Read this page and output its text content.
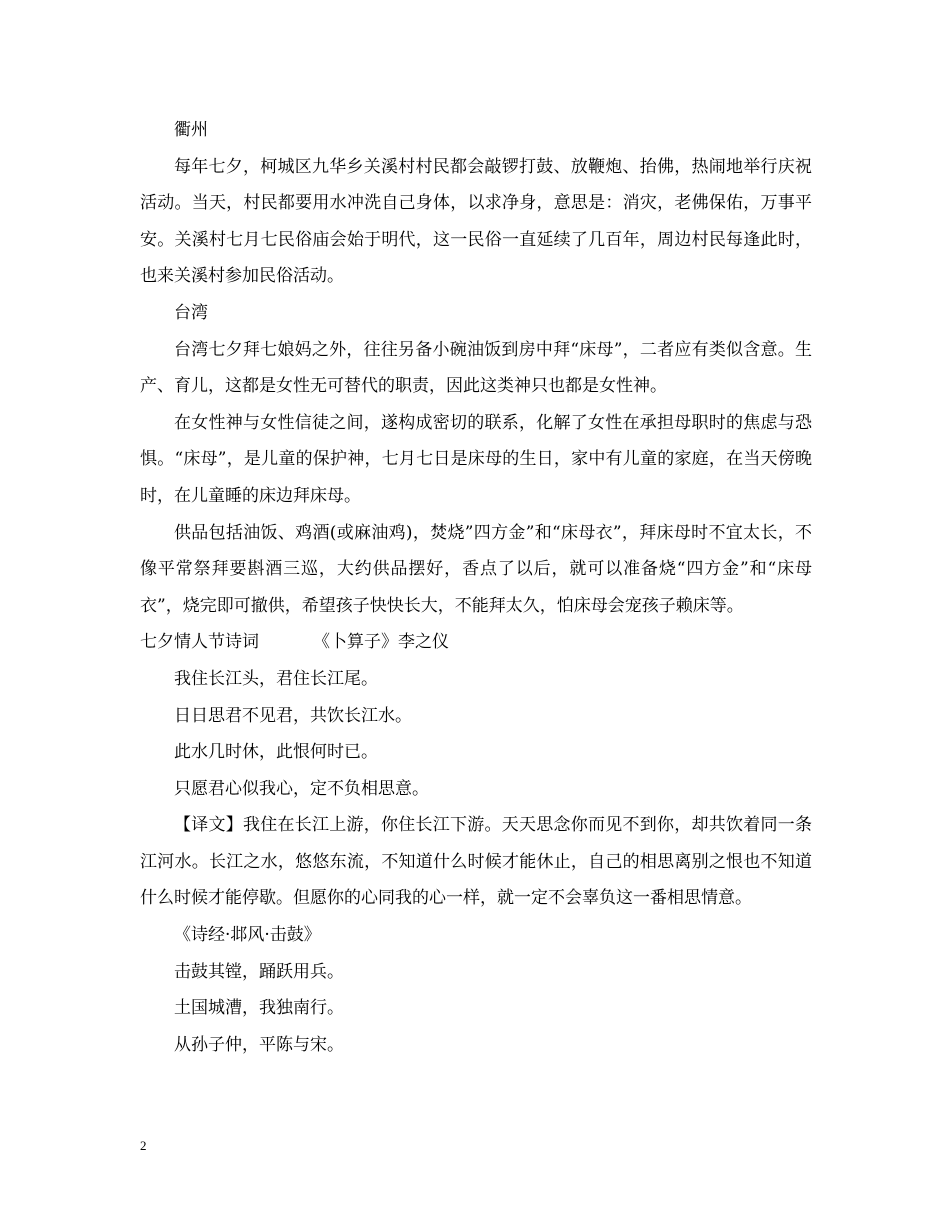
衢州

每年七夕，柯城区九华乡关溪村村民都会敲锣打鼓、放鞭炮、抬佛，热闹地举行庆祝活动。当天，村民都要用水冲洗自己身体，以求净身，意思是：消灾，老佛保佑，万事平安。关溪村七月七民俗庙会始于明代，这一民俗一直延续了几百年，周边村民每逢此时，也来关溪村参加民俗活动。

台湾

台湾七夕拜七娘妈之外，往往另备小碗油饭到房中拜“床母”，二者应有类似含意。生产、育儿，这都是女性无可替代的职责，因此这类神只也都是女性神。

在女性神与女性信徒之间，遂构成密切的联系，化解了女性在承担母职时的焦虑与恐惧。“床母”，是儿童的保护神，七月七日是床母的生日，家中有儿童的家庭，在当天傍晚时，在儿童睡的床边拜床母。

供品包括油饭、鸡酒(或麻油鸡)，焚烧”四方金”和“床母衣”，拜床母时不宜太长，不像平常祭拜要斟酒三巡，大约供品摆好，香点了以后，就可以准备烧“四方金”和“床母衣”，烧完即可撤供，希望孩子快快长大，不能拜太久，怕床母会宠孩子赖床等。

七夕情人节诗词	《卜算子》李之仪

我住长江头，君住长江尾。

日日思君不见君，共饮长江水。

此水几时休，此恨何时已。

只愿君心似我心，定不负相思意。

【译文】我住在长江上游，你住长江下游。天天思念你而见不到你，却共饮着同一条江河水。长江之水，悠悠东流，不知道什么时候才能休止，自己的相思离别之恨也不知道什么时候才能停歇。但愿你的心同我的心一样，就一定不会辜负这一番相思情意。

《诗经·邶风·击鼓》

击鼓其镗，踊跃用兵。

土国城漕，我独南行。

从孙子仲，平陈与宋。

2
